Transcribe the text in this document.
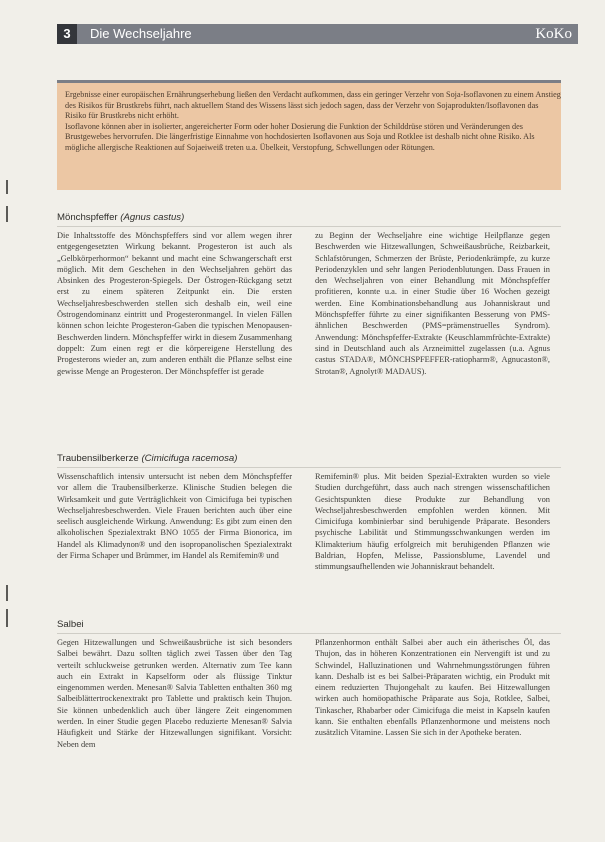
3	Die Wechseljahre	KoKo

Ergebnisse einer europäischen Ernährungserhebung ließen den Verdacht aufkommen, dass ein geringer Verzehr von Soja-Isoflavonen zu einem Anstieg des Risikos für Brustkrebs führt, nach aktuellem Stand des Wissens lässt sich jedoch sagen, dass der Verzehr von Sojaprodukten/Isoflavonen das Risiko für Brustkrebs nicht erhöht.

Isoflavone können aber in isolierter, angereicherter Form oder hoher Dosierung die Funktion der Schilddrüse stören und Veränderungen des Brustgewebes hervorrufen. Die längerfristige Einnahme von hochdosierten Isoflavonen aus Soja und Rotklee ist deshalb nicht ohne Risiko. Als mögliche allergische Reaktionen auf Sojaeiweiß treten u.a. Übelkeit, Verstopfung, Schwellungen oder Rötungen.

Mönchspfeffer (Agnus castus)

Die Inhaltsstoffe des Mönchspfeffers sind vor allem wegen ihrer entgegengesetzten Wirkung bekannt. Progesteron ist auch als „Gelbkörperhormon“ bekannt und macht eine Schwangerschaft erst möglich. Mit dem Geschehen in den Wechseljahren gehört das Absinken des Progesteron-Spiegels. Der Östrogen-Rückgang setzt erst zu einem späteren Zeitpunkt ein. Die ersten Wechseljahresbeschwerden stellen sich deshalb ein, weil eine Östrogendominanz eintritt und Progesteronmangel. In vielen Fällen können schon leichte Progesteron-Gaben die typischen Menopausen-Beschwerden lindern. Mönchspfeffer wirkt in diesem Zusammenhang doppelt: Zum einen regt er die körpereigene Herstellung des Progesterons wieder an, zum anderen enthält die Pflanze selbst eine gewisse Menge an Progesteron. Der Mönchspfeffer ist gerade

zu Beginn der Wechseljahre eine wichtige Heilpflanze gegen Beschwerden wie Hitzewallungen, Schweißausbrüche, Reizbarkeit, Schlafstörungen, Schmerzen der Brüste, Periodenkrämpfe, zu kurze Periodenzyklen und sehr langen Periodenblutungen. Dass Frauen in den Wechseljahren von einer Behandlung mit Mönchspfeffer profitieren, konnte u.a. in einer Studie über 16 Wochen gezeigt werden. Eine Kombinationsbehandlung aus Johanniskraut und Mönchspfeffer führte zu einer signifikanten Besserung von PMS-ähnlichen Beschwerden (PMS=prämenstruelles Syndrom). Anwendung: Mönchspfeffer-Extrakte (Keuschlammfrüchte-Extrakte) sind in Deutschland auch als Arzneimittel zugelassen (u.a. Agnus castus STADA®, MÖNCHSPFEFFER-ratiopharm®, Agnucaston®, Strotan®, Agnolyt® MADAUS).

Traubensilberkerze (Cimicifuga racemosa)

Wissenschaftlich intensiv untersucht ist neben dem Mönchspfeffer vor allem die Traubensilberkerze. Klinische Studien belegen die Wirksamkeit und gute Verträglichkeit von Cimicifuga bei typischen Wechseljahresbeschwerden. Viele Frauen berichten auch über eine seelisch ausgleichende Wirkung. Anwendung: Es gibt zum einen den alkoholischen Spezialextrakt BNO 1055 der Firma Bionorica, im Handel als Klimadynon® und den isopropanolischen Spezialextrakt der Firma Schaper und Brümmer, im Handel als Remifemin® und

Remifemin® plus. Mit beiden Spezial-Extrakten wurden so viele Studien durchgeführt, dass auch nach strengen wissenschaftlichen Gesichtspunkten diese Produkte zur Behandlung von Wechseljahresbeschwerden empfohlen werden können. Mit Cimicifuga kombinierbar sind beruhigende Präparate. Besonders psychische Labilität und Stimmungsschwankungen werden im Klimakterium häufig erfolgreich mit beruhigenden Pflanzen wie Baldrian, Hopfen, Melisse, Passionsblume, Lavendel und stimmungsaufhellenden wie Johanniskraut behandelt.

Salbei

Gegen Hitzewallungen und Schweißausbrüche ist sich besonders Salbei bewährt. Dazu sollten täglich zwei Tassen über den Tag verteilt schluckweise getrunken werden. Alternativ zum Tee kann auch ein Extrakt in Kapselform oder als flüssige Tinktur eingenommen werden. Menesan® Salvia Tabletten enthalten 360 mg Salbeiblättertrockenextrakt pro Tablette und praktisch kein Thujon. Sie können unbedenklich auch über längere Zeit eingenommen werden. In einer Studie gegen Placebo reduzierte Menesan® Salvia Häufigkeit und Stärke der Hitzewallungen signifikant. Vorsicht: Neben dem

Pflanzenhormon enthält Salbei aber auch ein ätherisches Öl, das Thujon, das in höheren Konzentrationen ein Nervengift ist und zu Schwindel, Halluzinationen und Wahrnehmungsstörungen führen kann. Deshalb ist es bei Salbei-Präparaten wichtig, ein Produkt mit einem reduzierten Thujongehalt zu kaufen. Bei Hitzewallungen wirken auch homöopathische Präparate aus Soja, Rotklee, Salbei, Tinkascher, Rhabarber oder Cimicifuga die meist in Kapseln kaufen kann. Sie enthalten ebenfalls Pflanzenhormone und meistens noch zusätzlich Vitamine. Lassen Sie sich in der Apotheke beraten.
